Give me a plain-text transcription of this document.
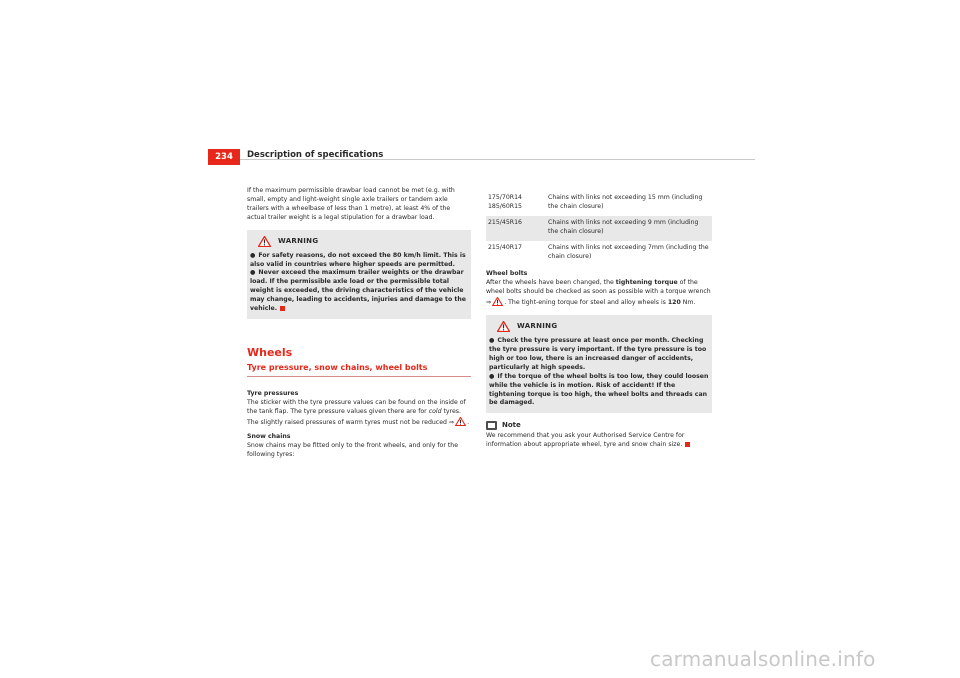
234	Description of specifications

If the maximum permissible drawbar load cannot be met (e.g. with small, empty and light-weight single axle trailers or tandem axle trailers with a wheelbase of less than 1 metre), at least 4% of the actual trailer weight is a legal stipulation for a drawbar load.

WARNING

● For safety reasons, do not exceed the 80 km/h limit. This is also valid in countries where higher speeds are permitted.

● Never exceed the maximum trailer weights or the drawbar load. If the permissible axle load or the permissible total weight is exceeded, the driving characteristics of the vehicle may change, leading to accidents, injuries and damage to the vehicle.

Wheels
Tyre pressure, snow chains, wheel bolts

Tyre pressures

The sticker with the tyre pressure values can be found on the inside of the tank flap. The tyre pressure values given there are for cold tyres. The slightly raised pressures of warm tyres must not be reduced ⇒ .

Snow chains

Snow chains may be fitted only to the front wheels, and only for the following tyres:

175/70R14
185/60R15	Chains with links not exceeding 15 mm (including the chain closure)
215/45R16	Chains with links not exceeding 9 mm (including the chain closure)
215/40R17	Chains with links not exceeding 7mm (including the chain closure)

Wheel bolts

After the wheels have been changed, the tightening torque of the wheel bolts should be checked as soon as possible with a torque wrench ⇒ . The tight-ening torque for steel and alloy wheels is 120 Nm.

WARNING

● Check the tyre pressure at least once per month. Checking the tyre pressure is very important. If the tyre pressure is too high or too low, there is an increased danger of accidents, particularly at high speeds.

● If the torque of the wheel bolts is too low, they could loosen while the vehicle is in motion. Risk of accident! If the tightening torque is too high, the wheel bolts and threads can be damaged.

Note

We recommend that you ask your Authorised Service Centre for information about appropriate wheel, tyre and snow chain size.

carmanualsonline.info
